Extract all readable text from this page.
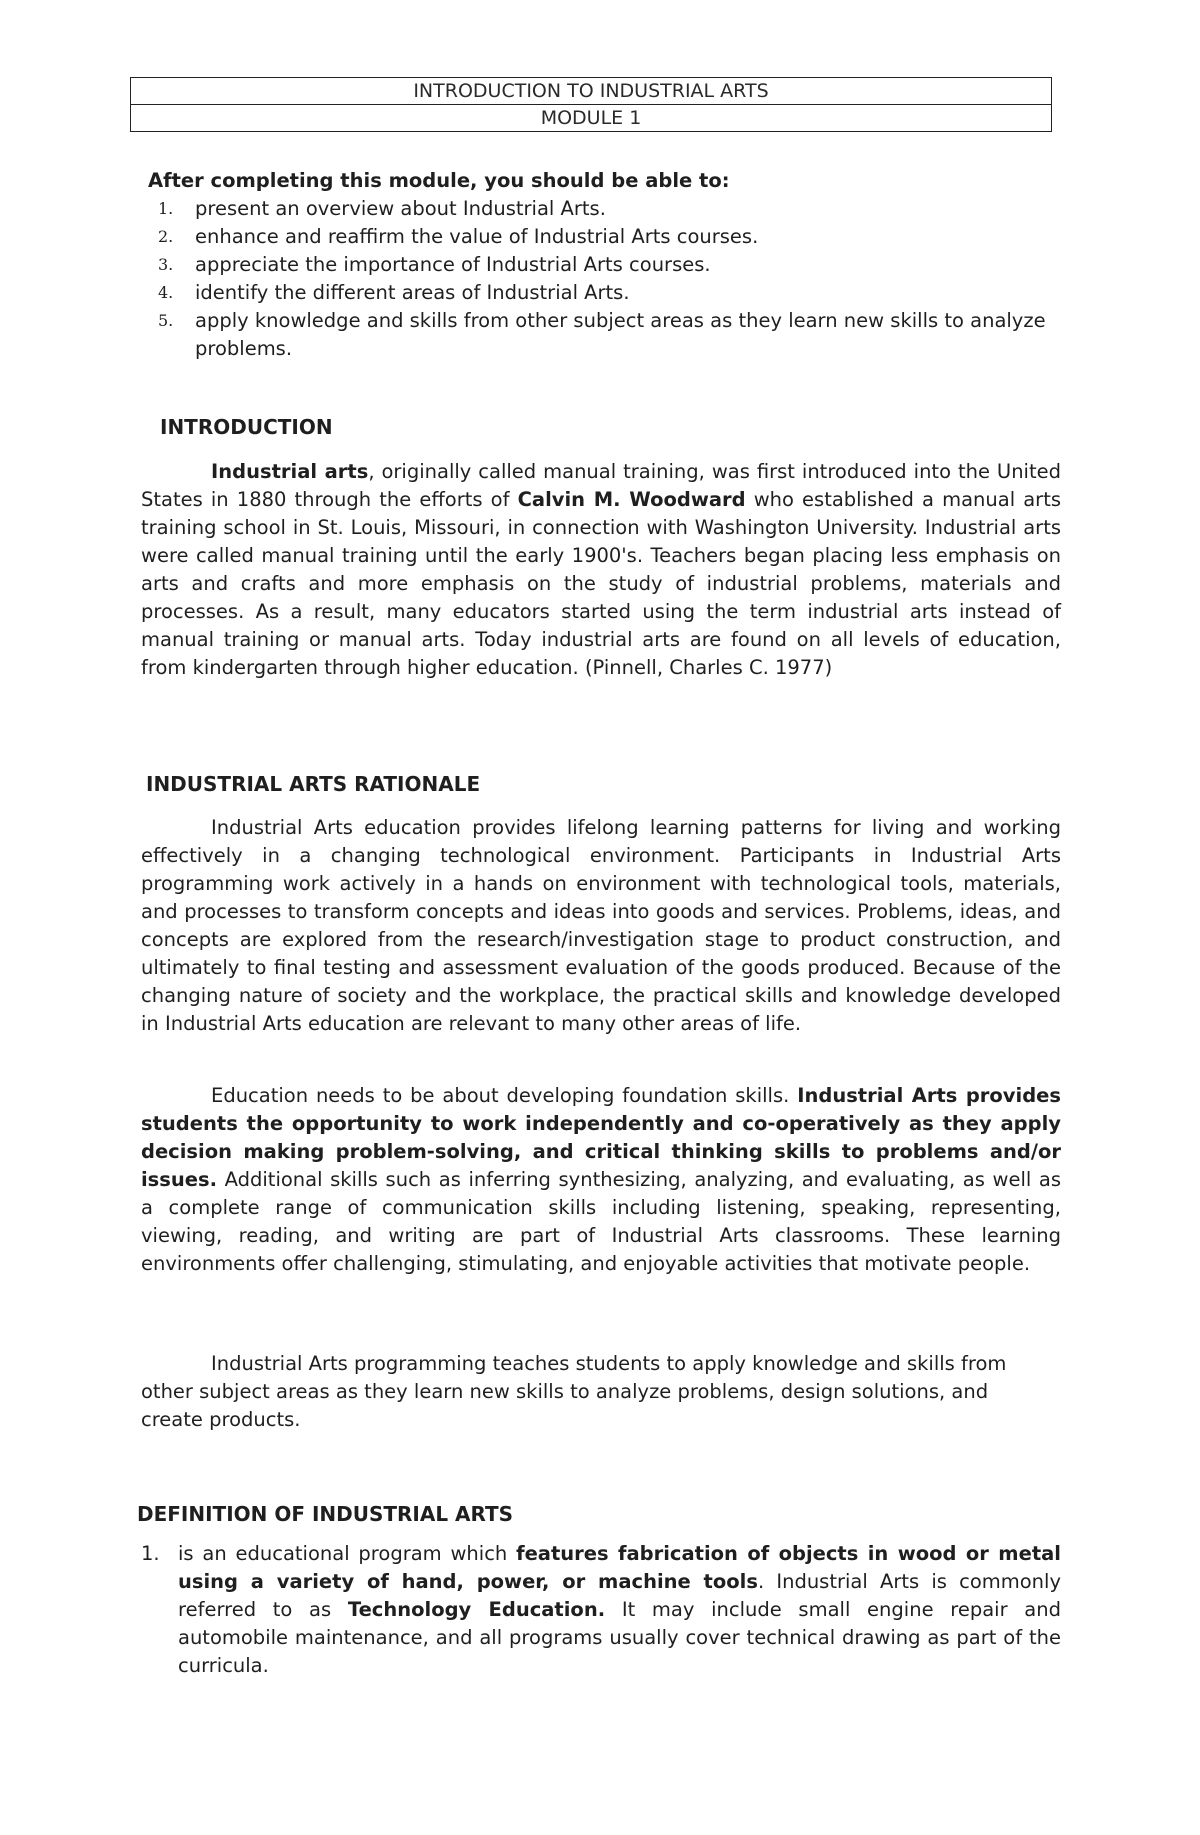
INTRODUCTION TO INDUSTRIAL ARTS
MODULE 1
After completing this module, you should be able to:
1. present an overview about Industrial Arts.
2. enhance and reaffirm the value of Industrial Arts courses.
3. appreciate the importance of Industrial Arts courses.
4. identify the different areas of Industrial Arts.
5. apply knowledge and skills from other subject areas as they learn new skills to analyze problems.
INTRODUCTION

Industrial arts, originally called manual training, was first introduced into the United States in 1880 through the efforts of Calvin M. Woodward who established a manual arts training school in St. Louis, Missouri, in connection with Washington University. Industrial arts were called manual training until the early 1900's. Teachers began placing less emphasis on arts and crafts and more emphasis on the study of industrial problems, materials and processes. As a result, many educators started using the term industrial arts instead of manual training or manual arts. Today industrial arts are found on all levels of education, from kindergarten through higher education. (Pinnell, Charles C. 1977)

INDUSTRIAL ARTS RATIONALE

Industrial Arts education provides lifelong learning patterns for living and working effectively in a changing technological environment. Participants in Industrial Arts programming work actively in a hands on environment with technological tools, materials, and processes to transform concepts and ideas into goods and services. Problems, ideas, and concepts are explored from the research/investigation stage to product construction, and ultimately to final testing and assessment evaluation of the goods produced. Because of the changing nature of society and the workplace, the practical skills and knowledge developed in Industrial Arts education are relevant to many other areas of life.

Education needs to be about developing foundation skills. Industrial Arts provides students the opportunity to work independently and co-operatively as they apply decision making problem-solving, and critical thinking skills to problems and/or issues. Additional skills such as inferring synthesizing, analyzing, and evaluating, as well as a complete range of communication skills including listening, speaking, representing, viewing, reading, and writing are part of Industrial Arts classrooms. These learning environments offer challenging, stimulating, and enjoyable activities that motivate people.

Industrial Arts programming teaches students to apply knowledge and skills from other subject areas as they learn new skills to analyze problems, design solutions, and create products.

DEFINITION OF INDUSTRIAL ARTS
1. is an educational program which features fabrication of objects in wood or metal using a variety of hand, power, or machine tools. Industrial Arts is commonly referred to as Technology Education. It may include small engine repair and automobile maintenance, and all programs usually cover technical drawing as part of the curricula.
